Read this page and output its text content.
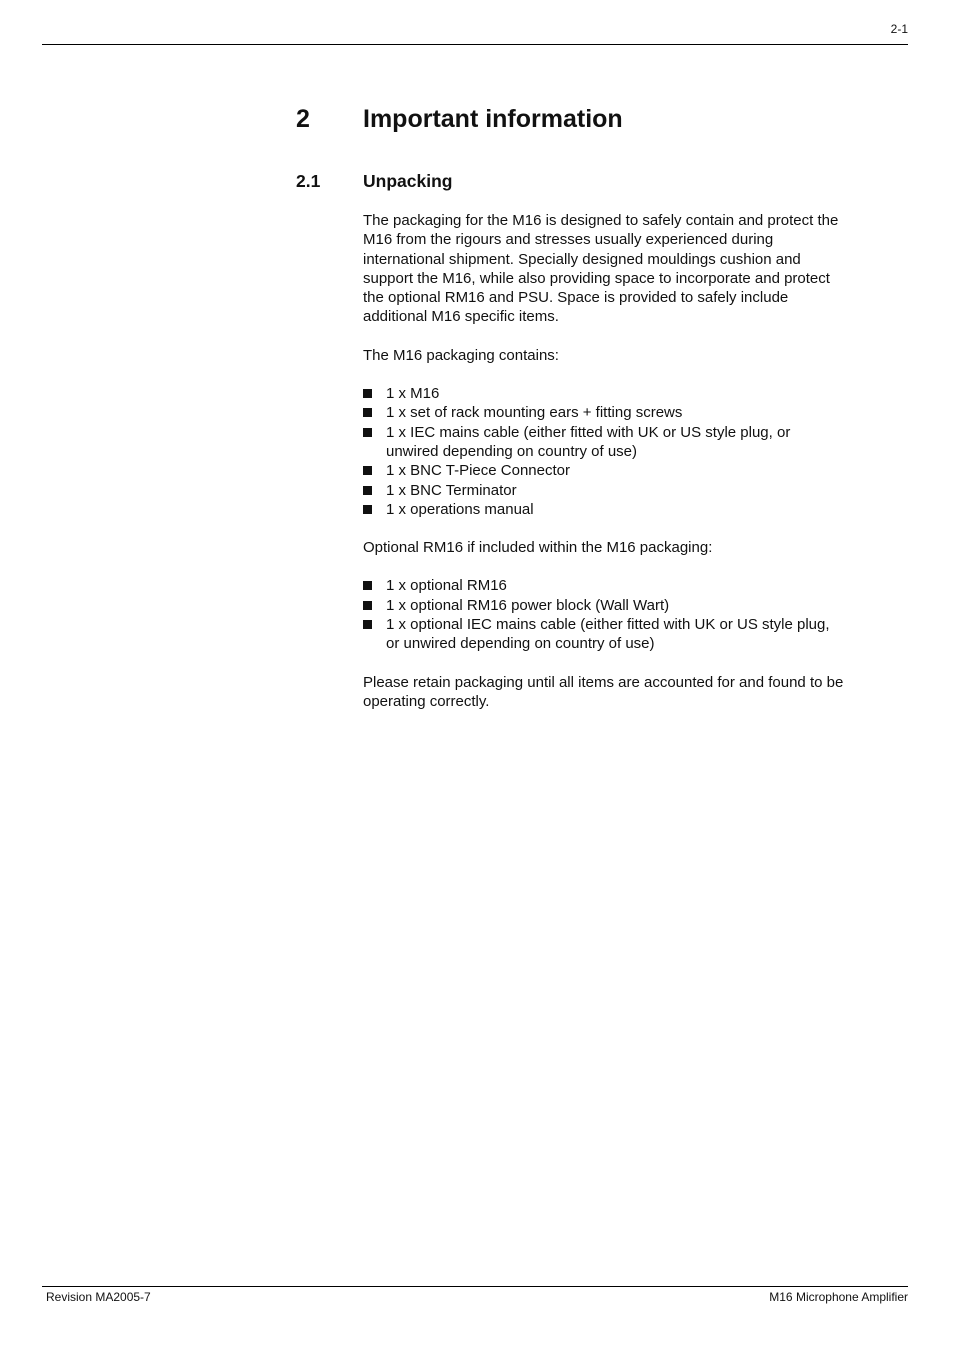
2-1
2 Important information
2.1 Unpacking

The packaging for the M16 is designed to safely contain and protect the M16 from the rigours and stresses usually experienced during international shipment. Specially designed mouldings cushion and support the M16, while also providing space to incorporate and protect the optional RM16 and PSU. Space is provided to safely include additional M16 specific items.

The M16 packaging contains:

1 x M16
1 x set of rack mounting ears + fitting screws
1 x IEC mains cable (either fitted with UK or US style plug, or unwired depending on country of use)
1 x BNC T-Piece Connector
1 x BNC Terminator
1 x operations manual

Optional RM16 if included within the M16 packaging:

1 x optional RM16
1 x optional RM16 power block (Wall Wart)
1 x optional IEC mains cable (either fitted with UK or US style plug, or unwired depending on country of use)

Please retain packaging until all items are accounted for and found to be operating correctly.

Revision MA2005-7	M16 Microphone Amplifier
